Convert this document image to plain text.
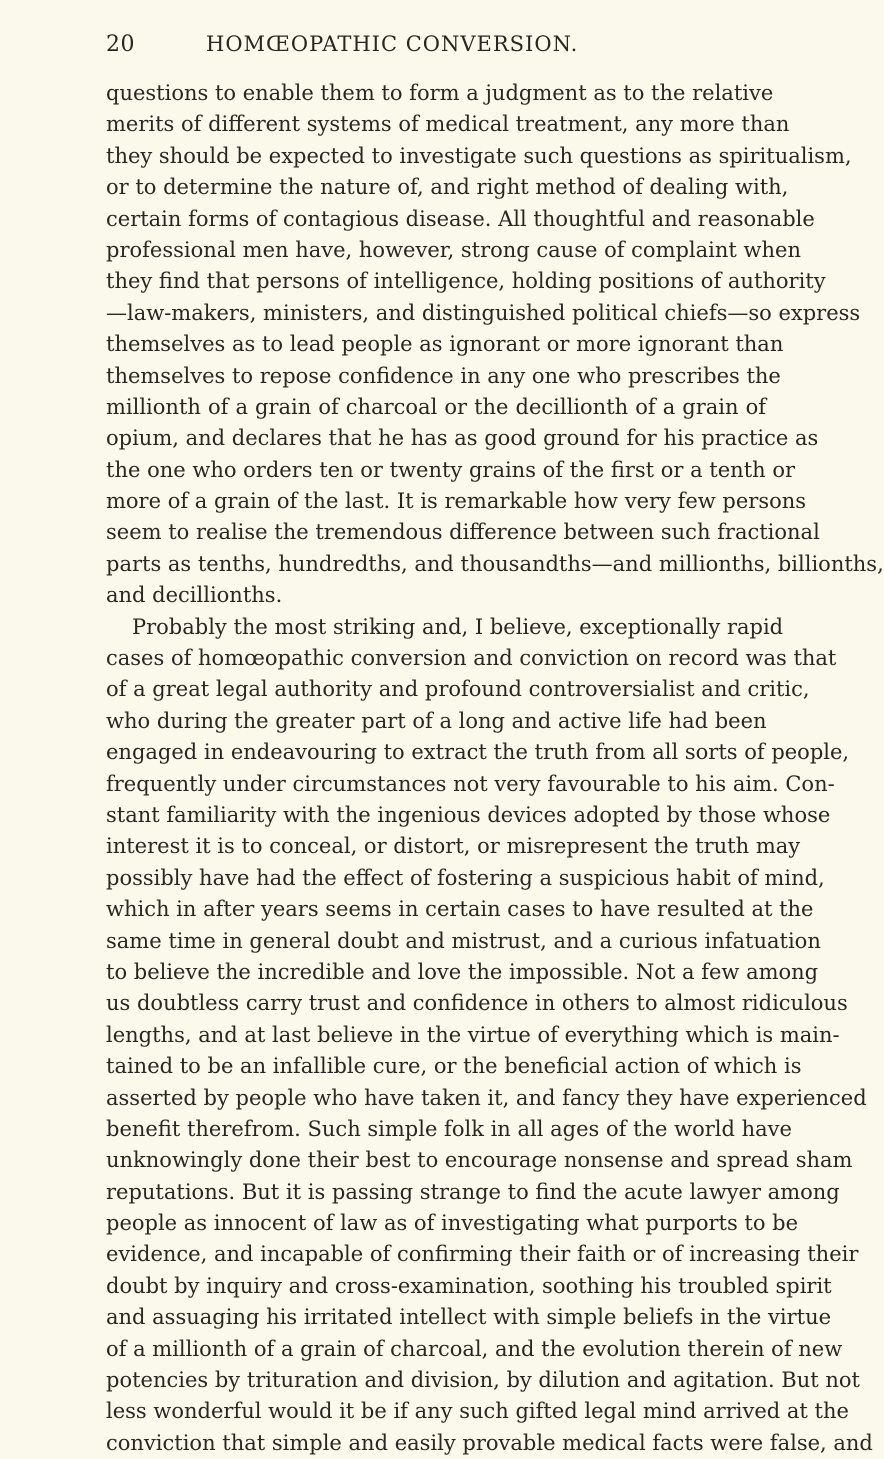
20	HOMŒOPATHIC CONVERSION.
questions to enable them to form a judgment as to the relative
merits of different systems of medical treatment, any more than
they should be expected to investigate such questions as spiritualism,
or to determine the nature of, and right method of dealing with,
certain forms of contagious disease. All thoughtful and reasonable
professional men have, however, strong cause of complaint when
they find that persons of intelligence, holding positions of authority
—law-makers, ministers, and distinguished political chiefs—so express
themselves as to lead people as ignorant or more ignorant than
themselves to repose confidence in any one who prescribes the
millionth of a grain of charcoal or the decillionth of a grain of
opium, and declares that he has as good ground for his practice as
the one who orders ten or twenty grains of the first or a tenth or
more of a grain of the last. It is remarkable how very few persons
seem to realise the tremendous difference between such fractional
parts as tenths, hundredths, and thousandths—and millionths, billionths,
and decillionths.
Probably the most striking and, I believe, exceptionally rapid
cases of homœopathic conversion and conviction on record was that
of a great legal authority and profound controversialist and critic,
who during the greater part of a long and active life had been
engaged in endeavouring to extract the truth from all sorts of people,
frequently under circumstances not very favourable to his aim. Con-
stant familiarity with the ingenious devices adopted by those whose
interest it is to conceal, or distort, or misrepresent the truth may
possibly have had the effect of fostering a suspicious habit of mind,
which in after years seems in certain cases to have resulted at the
same time in general doubt and mistrust, and a curious infatuation
to believe the incredible and love the impossible. Not a few among
us doubtless carry trust and confidence in others to almost ridiculous
lengths, and at last believe in the virtue of everything which is main-
tained to be an infallible cure, or the beneficial action of which is
asserted by people who have taken it, and fancy they have experienced
benefit therefrom. Such simple folk in all ages of the world have
unknowingly done their best to encourage nonsense and spread sham
reputations. But it is passing strange to find the acute lawyer among
people as innocent of law as of investigating what purports to be
evidence, and incapable of confirming their faith or of increasing their
doubt by inquiry and cross-examination, soothing his troubled spirit
and assuaging his irritated intellect with simple beliefs in the virtue
of a millionth of a grain of charcoal, and the evolution therein of new
potencies by trituration and division, by dilution and agitation. But not
less wonderful would it be if any such gifted legal mind arrived at the
conviction that simple and easily provable medical facts were false, and
